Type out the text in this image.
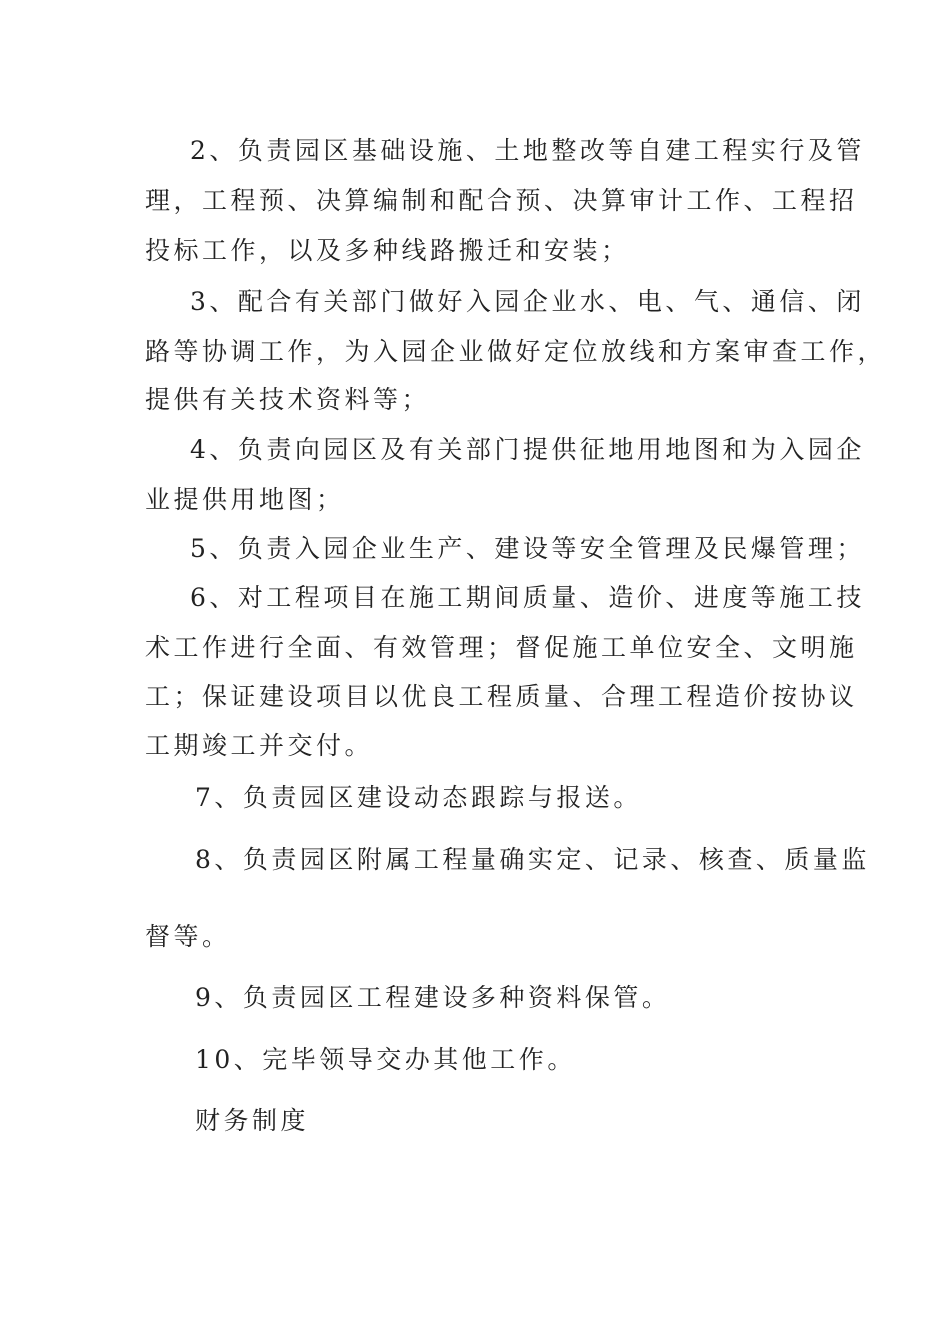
2、负责园区基础设施、土地整改等自建工程实行及管
理，工程预、决算编制和配合预、决算审计工作、工程招
投标工作，以及多种线路搬迁和安装；
3、配合有关部门做好入园企业水、电、气、通信、闭
路等协调工作，为入园企业做好定位放线和方案审查工作，
提供有关技术资料等；
4、负责向园区及有关部门提供征地用地图和为入园企
业提供用地图；
5、负责入园企业生产、建设等安全管理及民爆管理；
6、对工程项目在施工期间质量、造价、进度等施工技
术工作进行全面、有效管理；督促施工单位安全、文明施
工；保证建设项目以优良工程质量、合理工程造价按协议
工期竣工并交付。
7、负责园区建设动态跟踪与报送。
8、负责园区附属工程量确实定、记录、核查、质量监
督等。
9、负责园区工程建设多种资料保管。
10、完毕领导交办其他工作。
财务制度
